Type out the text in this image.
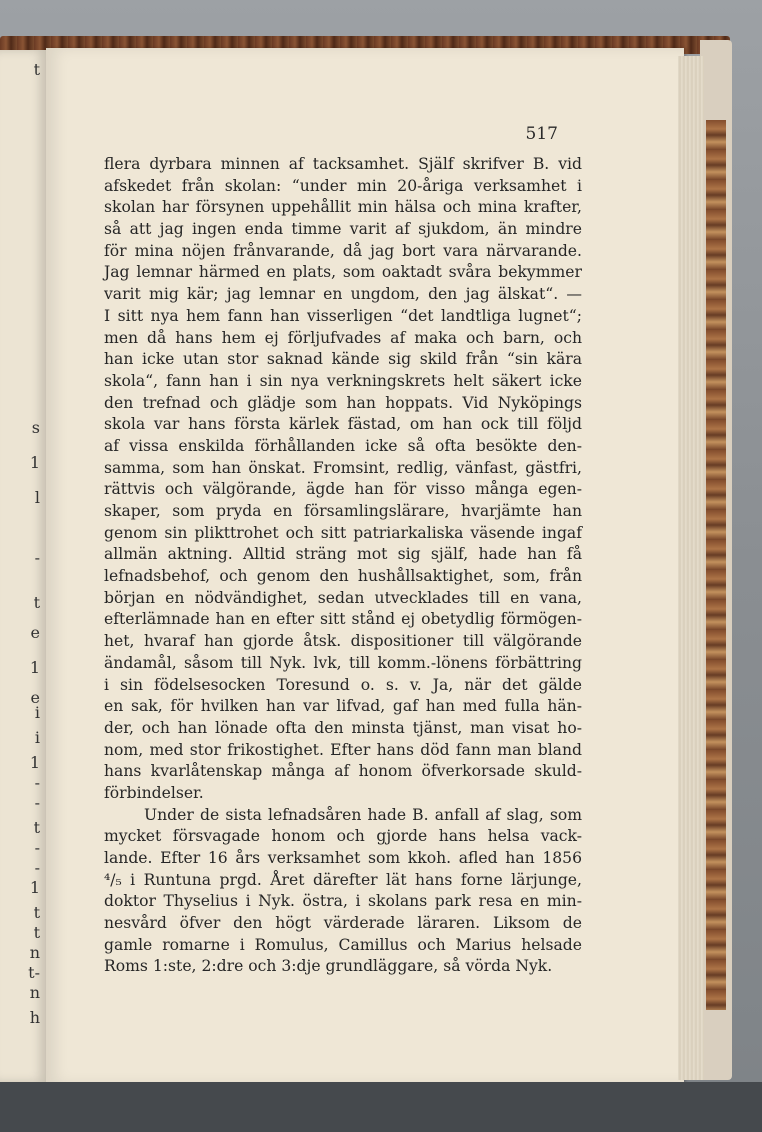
t
s
1
l
-
t
e
1
e
i
i
1
-
-
t
-
-
1
t
t
n
t-
n
h
517
flera dyrbara minnen af tacksamhet. Själf skrifver B. vid
afskedet från skolan: “under min 20-åriga verksamhet i
skolan har försynen uppehållit min hälsa och mina krafter,
så att jag ingen enda timme varit af sjukdom, än mindre
för mina nöjen frånvarande, då jag bort vara närvarande.
Jag lemnar härmed en plats, som oaktadt svåra bekymmer
varit mig kär; jag lemnar en ungdom, den jag älskat“. —
I sitt nya hem fann han visserligen “det landtliga lugnet“;
men då hans hem ej förljufvades af maka och barn, och
han icke utan stor saknad kände sig skild från “sin kära
skola“, fann han i sin nya verkningskrets helt säkert icke
den trefnad och glädje som han hoppats. Vid Nyköpings
skola var hans första kärlek fästad, om han ock till följd
af vissa enskilda förhållanden icke så ofta besökte den-
samma, som han önskat. Fromsint, redlig, vänfast, gästfri,
rättvis och välgörande, ägde han för visso många egen-
skaper, som pryda en församlingslärare, hvarjämte han
genom sin plikttrohet och sitt patriarkaliska väsende ingaf
allmän aktning. Alltid sträng mot sig själf, hade han få
lefnadsbehof, och genom den hushållsaktighet, som, från
början en nödvändighet, sedan utvecklades till en vana,
efterlämnade han en efter sitt stånd ej obetydlig förmögen-
het, hvaraf han gjorde åtsk. dispositioner till välgörande
ändamål, såsom till Nyk. lvk, till komm.-lönens förbättring
i sin födelsesocken Toresund o. s. v. Ja, när det gälde
en sak, för hvilken han var lifvad, gaf han med fulla hän-
der, och han lönade ofta den minsta tjänst, man visat ho-
nom, med stor frikostighet. Efter hans död fann man bland
hans kvarlåtenskap många af honom öfverkorsade skuld-
förbindelser.
Under de sista lefnadsåren hade B. anfall af slag, som
mycket försvagade honom och gjorde hans helsa vack-
lande. Efter 16 års verksamhet som kkoh. afled han 1856
⁴/₅ i Runtuna prgd. Året därefter lät hans forne lärjunge,
doktor Thyselius i Nyk. östra, i skolans park resa en min-
nesvård öfver den högt värderade läraren. Liksom de
gamle romarne i Romulus, Camillus och Marius helsade
Roms 1:ste, 2:dre och 3:dje grundläggare, så vörda Nyk.
